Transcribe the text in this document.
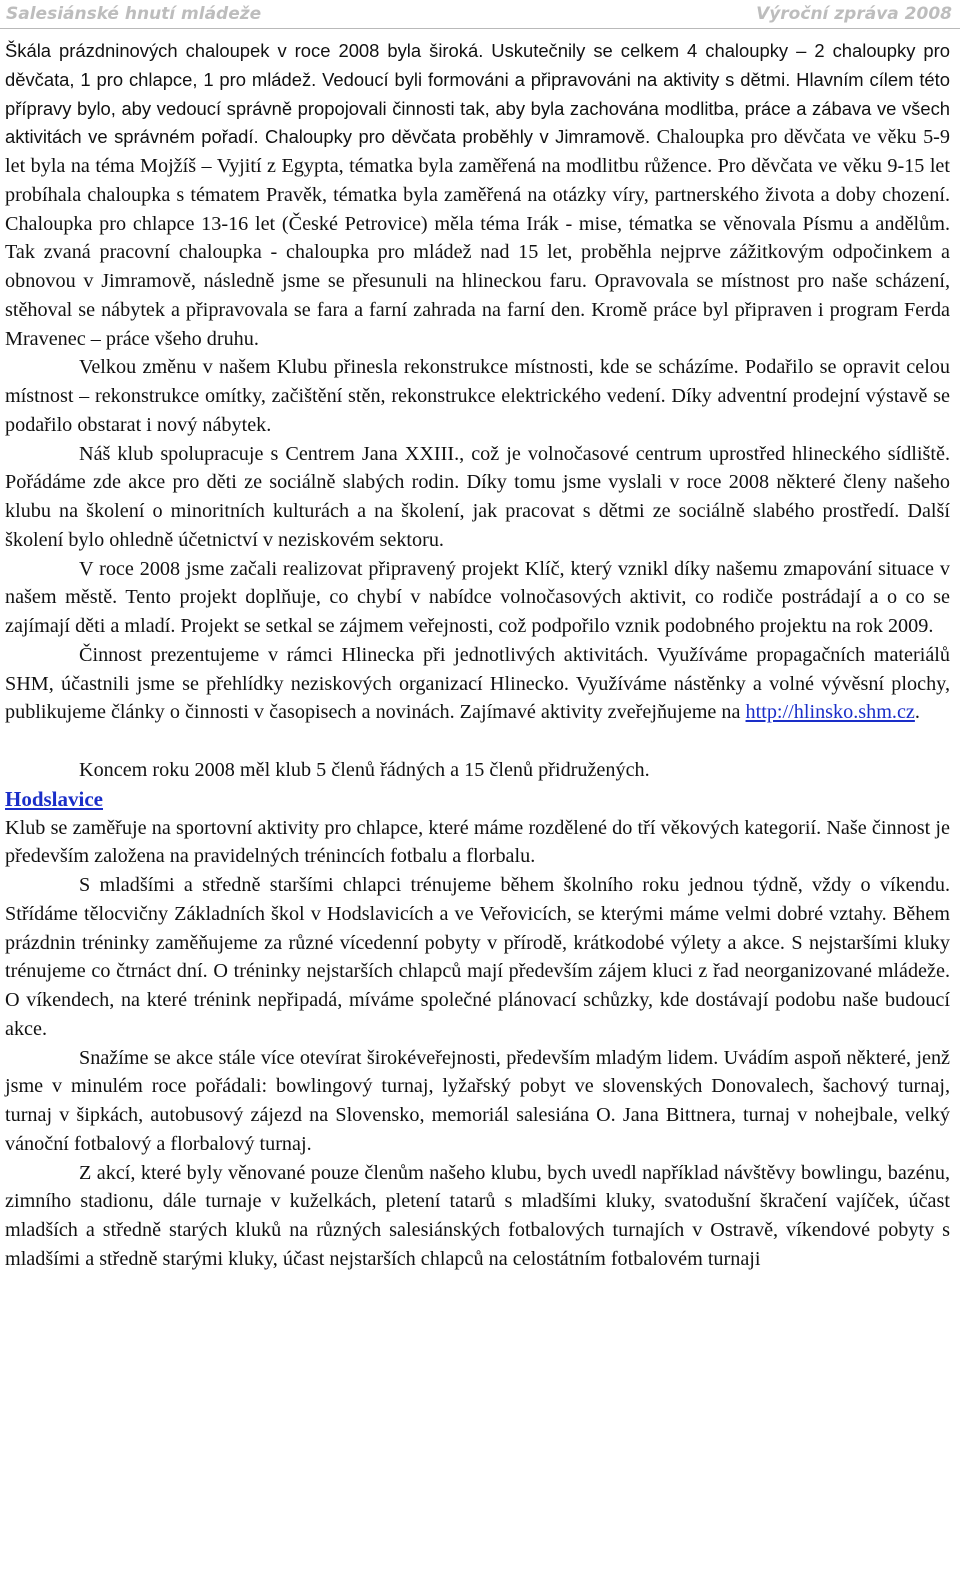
Salesiánské hnutí mládeže	Výroční zpráva 2008

Škála prázdninových chaloupek v roce 2008 byla široká. Uskutečnily se celkem 4 chaloupky – 2 chaloupky pro děvčata, 1 pro chlapce, 1 pro mládež. Vedoucí byli formováni a připravováni na aktivity s dětmi. Hlavním cílem této přípravy bylo, aby vedoucí správně propojovali činnosti tak, aby byla zachována modlitba, práce a zábava ve všech aktivitách ve správném pořadí. Chaloupky pro děvčata proběhly v Jimramově. Chaloupka pro děvčata ve věku 5-9 let byla na téma Mojžíš – Vyjití z Egypta, tématka byla zaměřená na modlitbu růžence. Pro děvčata ve věku 9-15 let probíhala chaloupka s tématem Pravěk, tématka byla zaměřená na otázky víry, partnerského života a doby chození. Chaloupka pro chlapce 13-16 let (České Petrovice) měla téma Irák - mise, tématka se věnovala Písmu a andělům. Tak zvaná pracovní chaloupka - chaloupka pro mládež nad 15 let, proběhla nejprve zážitkovým odpočinkem a obnovou v Jimramově, následně jsme se přesunuli na hlineckou faru. Opravovala se místnost pro naše scházení, stěhoval se nábytek a připravovala se fara a farní zahrada na farní den. Kromě práce byl připraven i program Ferda Mravenec – práce všeho druhu.

Velkou změnu v našem Klubu přinesla rekonstrukce místnosti, kde se scházíme. Podařilo se opravit celou místnost – rekonstrukce omítky, začištění stěn, rekonstrukce elektrického vedení. Díky adventní prodejní výstavě se podařilo obstarat i nový nábytek.

Náš klub spolupracuje s Centrem Jana XXIII., což je volnočasové centrum uprostřed hlineckého sídliště. Pořádáme zde akce pro děti ze sociálně slabých rodin. Díky tomu jsme vyslali v roce 2008 některé členy našeho klubu na školení o minoritních kulturách a na školení, jak pracovat s dětmi ze sociálně slabého prostředí. Další školení bylo ohledně účetnictví v neziskovém sektoru.

V roce 2008 jsme začali realizovat připravený projekt Klíč, který vznikl díky našemu zmapování situace v našem městě. Tento projekt doplňuje, co chybí v nabídce volnočasových aktivit, co rodiče postrádají a o co se zajímají děti a mladí. Projekt se setkal se zájmem veřejnosti, což podpořilo vznik podobného projektu na rok 2009.

Činnost prezentujeme v rámci Hlinecka při jednotlivých aktivitách. Využíváme propagačních materiálů SHM, účastnili jsme se přehlídky neziskových organizací Hlinecko. Využíváme nástěnky a volné vývěsní plochy, publikujeme články o činnosti v časopisech a novinách. Zajímavé aktivity zveřejňujeme na http://hlinsko.shm.cz.

Koncem roku 2008 měl klub 5 členů řádných a 15 členů přidružených.

Hodslavice

Klub se zaměřuje na sportovní aktivity pro chlapce, které máme rozdělené do tří věkových kategorií. Naše činnost je především založena na pravidelných trénincích fotbalu a florbalu.

S mladšími a středně staršími chlapci trénujeme během školního roku jednou týdně, vždy o víkendu. Střídáme tělocvičny Základních škol v Hodslavicích a ve Veřovicích, se kterými máme velmi dobré vztahy. Během prázdnin tréninky zaměňujeme za různé vícedenní pobyty v přírodě, krátkodobé výlety a akce. S nejstaršími kluky trénujeme co čtrnáct dní. O tréninky nejstarších chlapců mají především zájem kluci z řad neorganizované mládeže. O víkendech, na které trénink nepřipadá, míváme společné plánovací schůzky, kde dostávají podobu naše budoucí akce.

Snažíme se akce stále více otevírat širokéveřejnosti, především mladým lidem. Uvádím aspoň některé, jenž jsme v minulém roce pořádali: bowlingový turnaj, lyžařský pobyt ve slovenských Donovalech, šachový turnaj, turnaj v šipkách, autobusový zájezd na Slovensko, memoriál salesiána O. Jana Bittnera, turnaj v nohejbale, velký vánoční fotbalový a florbalový turnaj.

Z akcí, které byly věnované pouze členům našeho klubu, bych uvedl například návštěvy bowlingu, bazénu, zimního stadionu, dále turnaje v kuželkách, pletení tatarů s mladšími kluky, svatodušní škračení vajíček, účast mladších a středně starých kluků na různých salesiánských fotbalových turnajích v Ostravě, víkendové pobyty s mladšími a středně starými kluky, účast nejstarších chlapců na celostátním fotbalovém turnaji
